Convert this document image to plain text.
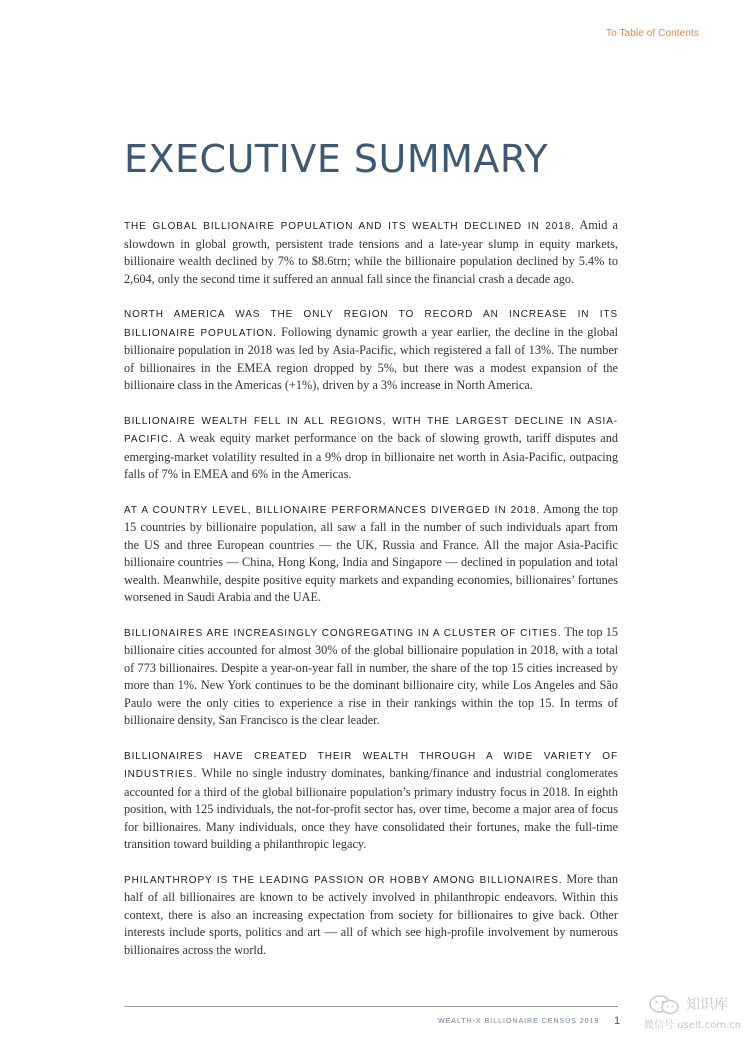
To Table of Contents
EXECUTIVE SUMMARY

THE GLOBAL BILLIONAIRE POPULATION AND ITS WEALTH DECLINED IN 2018. Amid a slowdown in global growth, persistent trade tensions and a late-year slump in equity markets, billionaire wealth declined by 7% to $8.6trn; while the billionaire population declined by 5.4% to 2,604, only the second time it suffered an annual fall since the financial crash a decade ago.

NORTH AMERICA WAS THE ONLY REGION TO RECORD AN INCREASE IN ITS BILLIONAIRE POPULATION. Following dynamic growth a year earlier, the decline in the global billionaire population in 2018 was led by Asia-Pacific, which registered a fall of 13%. The number of billionaires in the EMEA region dropped by 5%, but there was a modest expansion of the billionaire class in the Americas (+1%), driven by a 3% increase in North America.

BILLIONAIRE WEALTH FELL IN ALL REGIONS, WITH THE LARGEST DECLINE IN ASIA-PACIFIC. A weak equity market performance on the back of slowing growth, tariff disputes and emerging-market volatility resulted in a 9% drop in billionaire net worth in Asia-Pacific, outpacing falls of 7% in EMEA and 6% in the Americas.

AT A COUNTRY LEVEL, BILLIONAIRE PERFORMANCES DIVERGED IN 2018. Among the top 15 countries by billionaire population, all saw a fall in the number of such individuals apart from the US and three European countries — the UK, Russia and France. All the major Asia-Pacific billionaire countries — China, Hong Kong, India and Singapore — declined in population and total wealth. Meanwhile, despite positive equity markets and expanding economies, billionaires’ fortunes worsened in Saudi Arabia and the UAE.

BILLIONAIRES ARE INCREASINGLY CONGREGATING IN A CLUSTER OF CITIES. The top 15 billionaire cities accounted for almost 30% of the global billionaire population in 2018, with a total of 773 billionaires. Despite a year-on-year fall in number, the share of the top 15 cities increased by more than 1%. New York continues to be the dominant billionaire city, while Los Angeles and São Paulo were the only cities to experience a rise in their rankings within the top 15. In terms of billionaire density, San Francisco is the clear leader.

BILLIONAIRES HAVE CREATED THEIR WEALTH THROUGH A WIDE VARIETY OF INDUSTRIES. While no single industry dominates, banking/finance and industrial conglomerates accounted for a third of the global billionaire population’s primary industry focus in 2018. In eighth position, with 125 individuals, the not-for-profit sector has, over time, become a major area of focus for billionaires. Many individuals, once they have consolidated their fortunes, make the full-time transition toward building a philanthropic legacy.

PHILANTHROPY IS THE LEADING PASSION OR HOBBY AMONG BILLIONAIRES. More than half of all billionaires are known to be actively involved in philanthropic endeavors. Within this context, there is also an increasing expectation from society for billionaires to give back. Other interests include sports, politics and art — all of which see high-profile involvement by numerous billionaires across the world.

WEALTH-X BILLIONAIRE CENSUS 2019 1
知识库
微信号 useit.com.cn
